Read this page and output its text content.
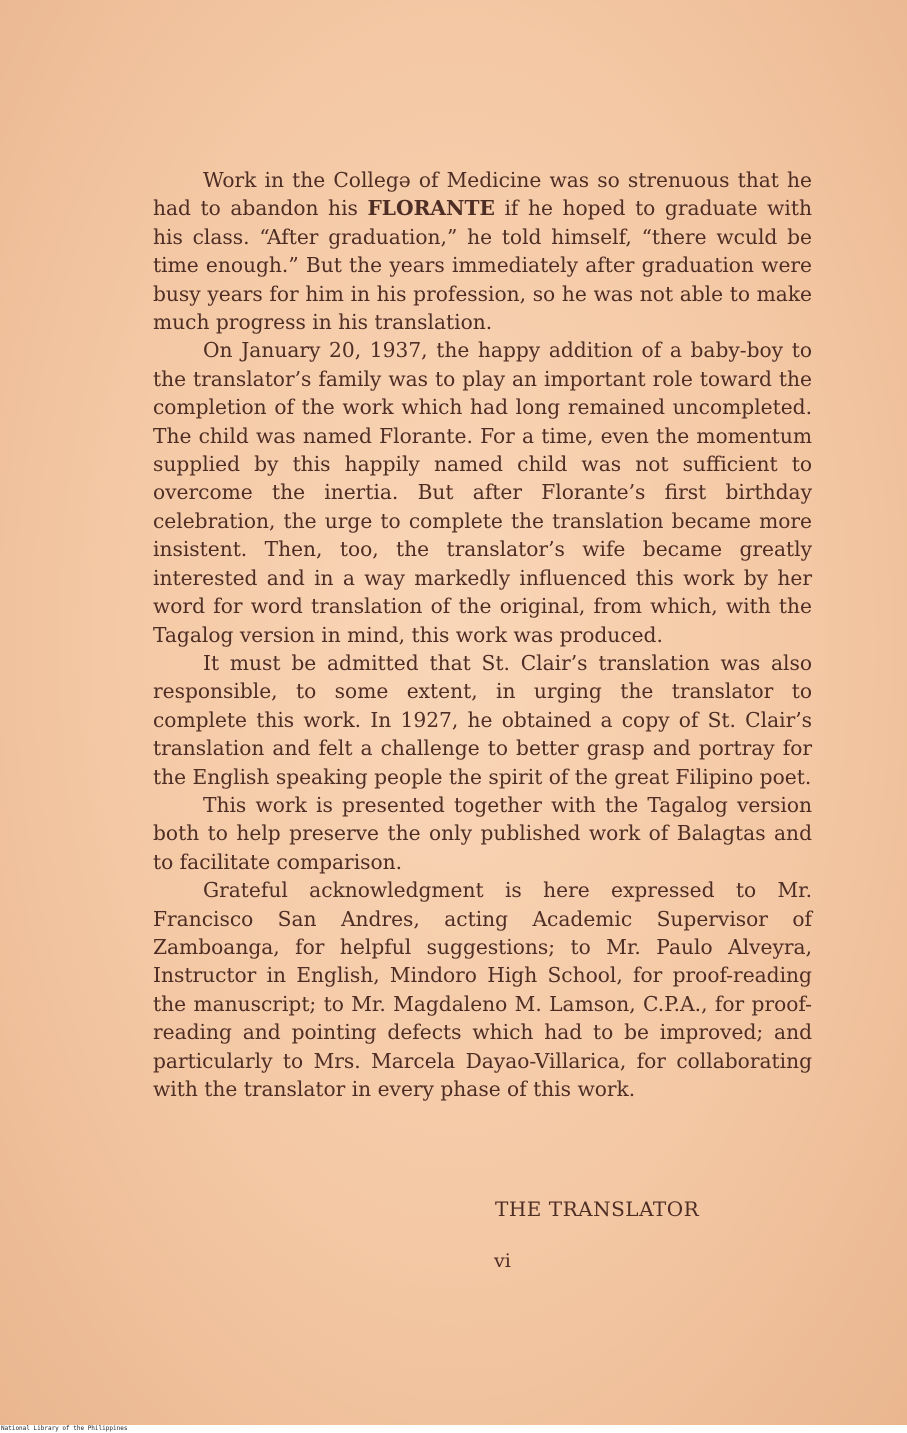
Work in the Collegə of Medicine was so strenuous that he had to abandon his FLORANTE if he hoped to graduate with his class. “After graduation,” he told himself, “there wculd be time enough.” But the years immediately after graduation were busy years for him in his profession, so he was not able to make much progress in his translation.

On January 20, 1937, the happy addition of a baby-boy to the translator’s family was to play an important role toward the completion of the work which had long remained uncompleted. The child was named Florante. For a time, even the momentum supplied by this happily named child was not sufficient to overcome the inertia. But after Florante’s first birthday celebration, the urge to complete the translation became more insistent. Then, too, the translator’s wife became greatly interested and in a way markedly influenced this work by her word for word translation of the original, from which, with the Tagalog version in mind, this work was produced.

It must be admitted that St. Clair’s translation was also responsible, to some extent, in urging the translator to complete this work. In 1927, he obtained a copy of St. Clair’s translation and felt a challenge to better grasp and portray for the English speaking people the spirit of the great Filipino poet.

This work is presented together with the Tagalog version both to help preserve the only published work of Balagtas and to facilitate comparison.

Grateful acknowledgment is here expressed to Mr. Francisco San Andres, acting Academic Supervisor of Zamboanga, for helpful suggestions; to Mr. Paulo Alveyra, Instructor in English, Mindoro High School, for proof-reading the manuscript; to Mr. Magdaleno M. Lamson, C.P.A., for proof-reading and pointing defects which had to be improved; and particularly to Mrs. Marcela Dayao-Villarica, for collaborating with the translator in every phase of this work.

THE TRANSLATOR
vi
National Library of the Philippines
